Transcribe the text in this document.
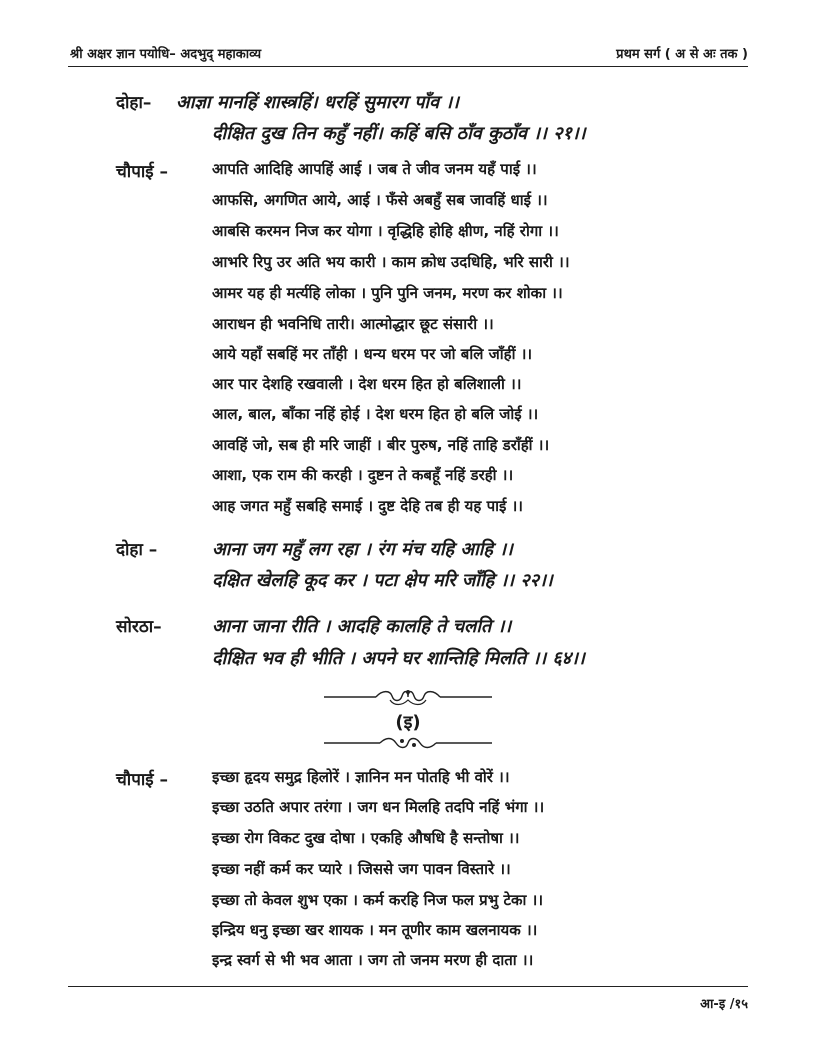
श्री अक्षर ज्ञान पयोधि– अदभुद् महाकाव्य	प्रथम सर्ग ( अ से अः तक )
दोहा– आज्ञा मानहिं शास्त्रहिं। धरहिं सुमारग पाँव ।।
दीक्षित दुख तिन कहुँ नहीं। कहिं बसि ठाँव कुठाँव ।। २१।।
चौपाई –	आपति आदिहि आपहिं आई । जब ते जीव जनम यहँ पाई ।।
आफसि, अगणित आये, आई । फँसे अबहुँ सब जावहिं धाई ।।
आबसि करमन निज कर योगा । वृद्धिहि होहि क्षीण, नहिं रोगा ।।
आभरि रिपु उर अति भय कारी । काम क्रोध उदधिहि, भरि सारी ।।
आमर यह ही मर्त्यहि लोका । पुनि पुनि जनम, मरण कर शोका ।।
आराधन ही भवनिधि तारी। आत्मोद्धार छूट संसारी ।।
आये यहाँ सबहिं मर ताँही । धन्य धरम पर जो बलि जाँहीं ।।
आर पार देशहि रखवाली । देश धरम हित हो बलिशाली ।।
आल, बाल, बाँका नहिं होई । देश धरम हित हो बलि जोई ।।
आवहिं जो, सब ही मरि जाहीं । बीर पुरुष, नहिं ताहि डराँहीं ।।
आशा, एक राम की करही । दुष्टन ते कबहूँ नहिं डरही ।।
आह जगत महुँ सबहि समाई । दुष्ट देहि तब ही यह पाई ।।
दोहा –	आना जग महुँ लग रहा । रंग मंच यहि आहि ।।
दक्षित खेलहि कूद कर । पटा क्षेप मरि जाँहि ।। २२।।
सोरठा–	आना जाना रीति । आदहि कालहि ते चलति ।।
दीक्षित भव ही भीति । अपने घर शान्तिहि मिलति ।। ६४।।
(इ)
चौपाई –	इच्छा हृदय समुद्र हिलोरें । ज्ञानिन मन पोतहि भी वोरें ।।
इच्छा उठति अपार तरंगा । जग धन मिलहि तदपि नहिं भंगा ।।
इच्छा रोग विकट दुख दोषा । एकहि औषधि है सन्तोषा ।।
इच्छा नहीं कर्म कर प्यारे । जिससे जग पावन विस्तारे ।।
इच्छा तो केवल शुभ एका । कर्म करहि निज फल प्रभु टेका ।।
इन्द्रिय धनु इच्छा खर शायक । मन तूणीर काम खलनायक ।।
इन्द्र स्वर्ग से भी भव आता । जग तो जनम मरण ही दाता ।।
आ-इ /१५
